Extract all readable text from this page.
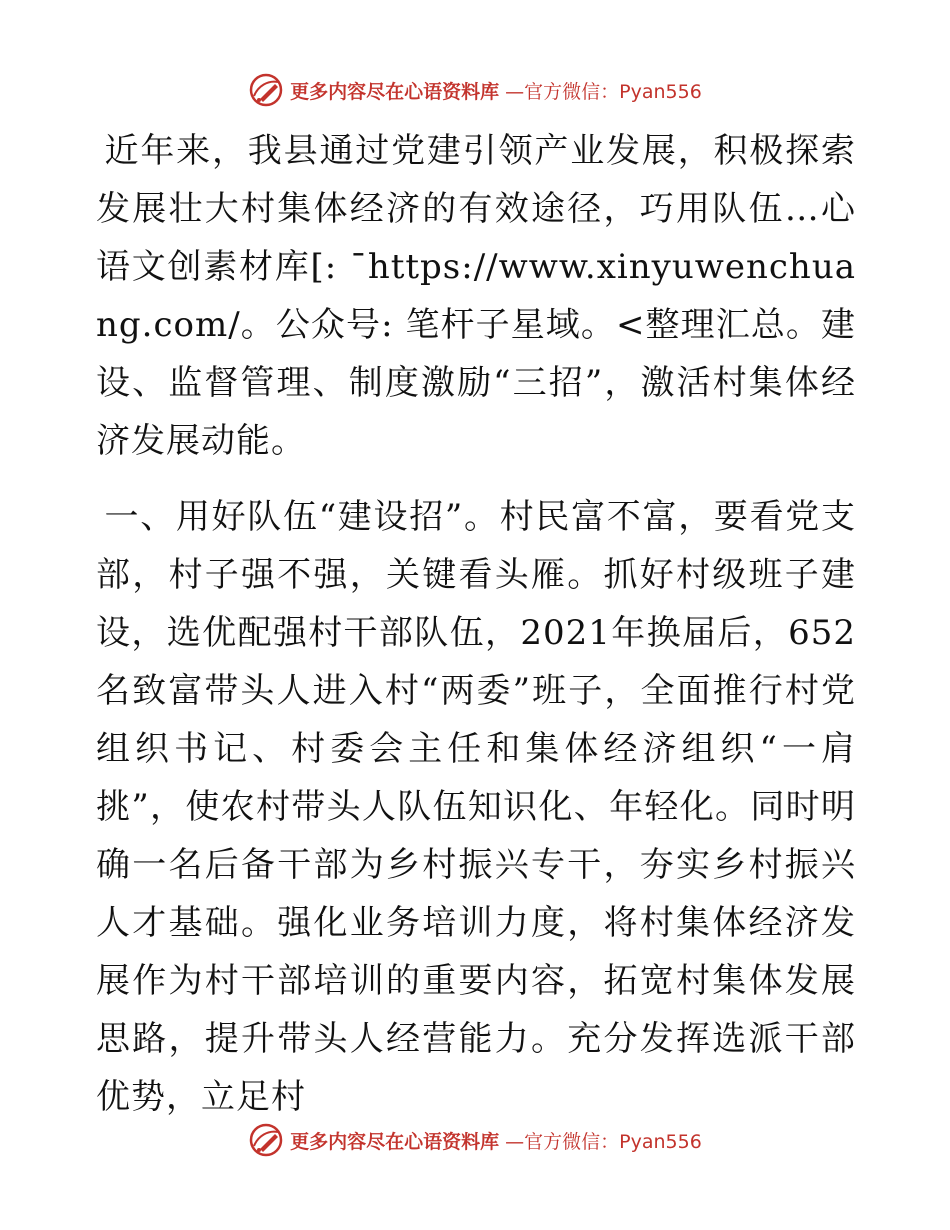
更多内容尽在心语资料库 —官方微信：Pyan556

近年来，我县通过党建引领产业发展，积极探索发展壮大村集体经济的有效途径，巧用队伍…心语文创素材库[: ¯https://www.xinyuwenchuang.com/。公众号: 笔杆子星域。<整理汇总。建设、监督管理、制度激励“三招”，激活村集体经济发展动能。

一、用好队伍“建设招”。村民富不富，要看党支部，村子强不强，关键看头雁。抓好村级班子建设，选优配强村干部队伍，2021年换届后，652名致富带头人进入村“两委”班子，全面推行村党组织书记、村委会主任和集体经济组织“一肩挑”，使农村带头人队伍知识化、年轻化。同时明确一名后备干部为乡村振兴专干，夯实乡村振兴人才基础。强化业务培训力度，将村集体经济发展作为村干部培训的重要内容，拓宽村集体发展思路，提升带头人经营能力。充分发挥选派干部优势，立足村

更多内容尽在心语资料库 —官方微信：Pyan556
